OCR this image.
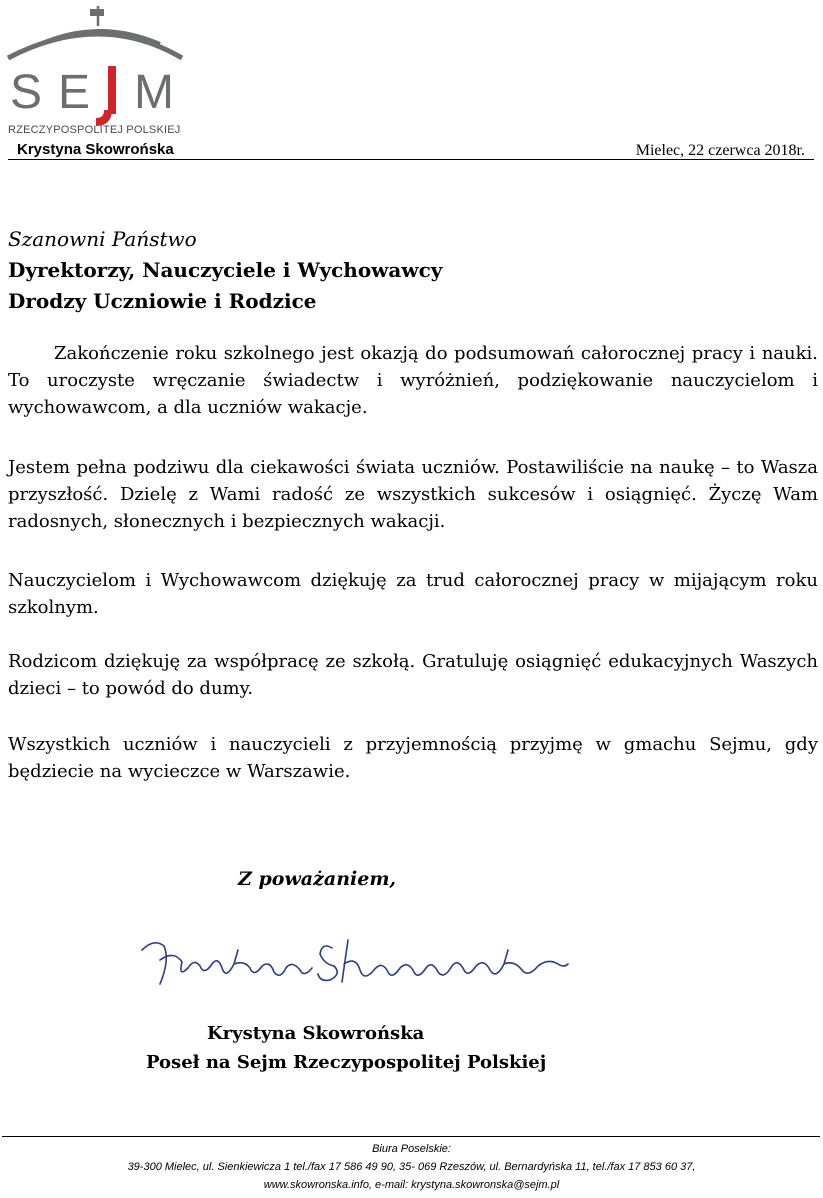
S E M
RZECZYPOSPOLITEJ POLSKIEJ
Krystyna Skowrońska	Mielec, 22 czerwca 2018r.
Szanowni Państwo
Dyrektorzy, Nauczyciele i Wychowawcy
Drodzy Uczniowie i Rodzice
Zakończenie roku szkolnego jest okazją do podsumowań całorocznej pracy i nauki. To uroczyste wręczanie świadectw i wyróżnień, podziękowanie nauczycielom i wychowawcom, a dla uczniów wakacje.
Jestem pełna podziwu dla ciekawości świata uczniów. Postawiliście na naukę – to Wasza przyszłość. Dzielę z Wami radość ze wszystkich sukcesów i osiągnięć. Życzę Wam radosnych, słonecznych i bezpiecznych wakacji.
Nauczycielom i Wychowawcom dziękuję za trud całorocznej pracy w mijającym roku szkolnym.
Rodzicom dziękuję za współpracę ze szkołą. Gratuluję osiągnięć edukacyjnych Waszych dzieci – to powód do dumy.
Wszystkich uczniów i nauczycieli z przyjemnością przyjmę w gmachu Sejmu, gdy będziecie na wycieczce w Warszawie.
Z poważaniem,
Krystyna Skowrońska
Poseł na Sejm Rzeczypospolitej Polskiej
Biura Poselskie:
39-300 Mielec, ul. Sienkiewicza 1 tel./fax 17 586 49 90, 35- 069 Rzeszów, ul. Bernardyńska 11, tel./fax 17 853 60 37,
www.skowronska.info, e-mail: krystyna.skowronska@sejm.pl
